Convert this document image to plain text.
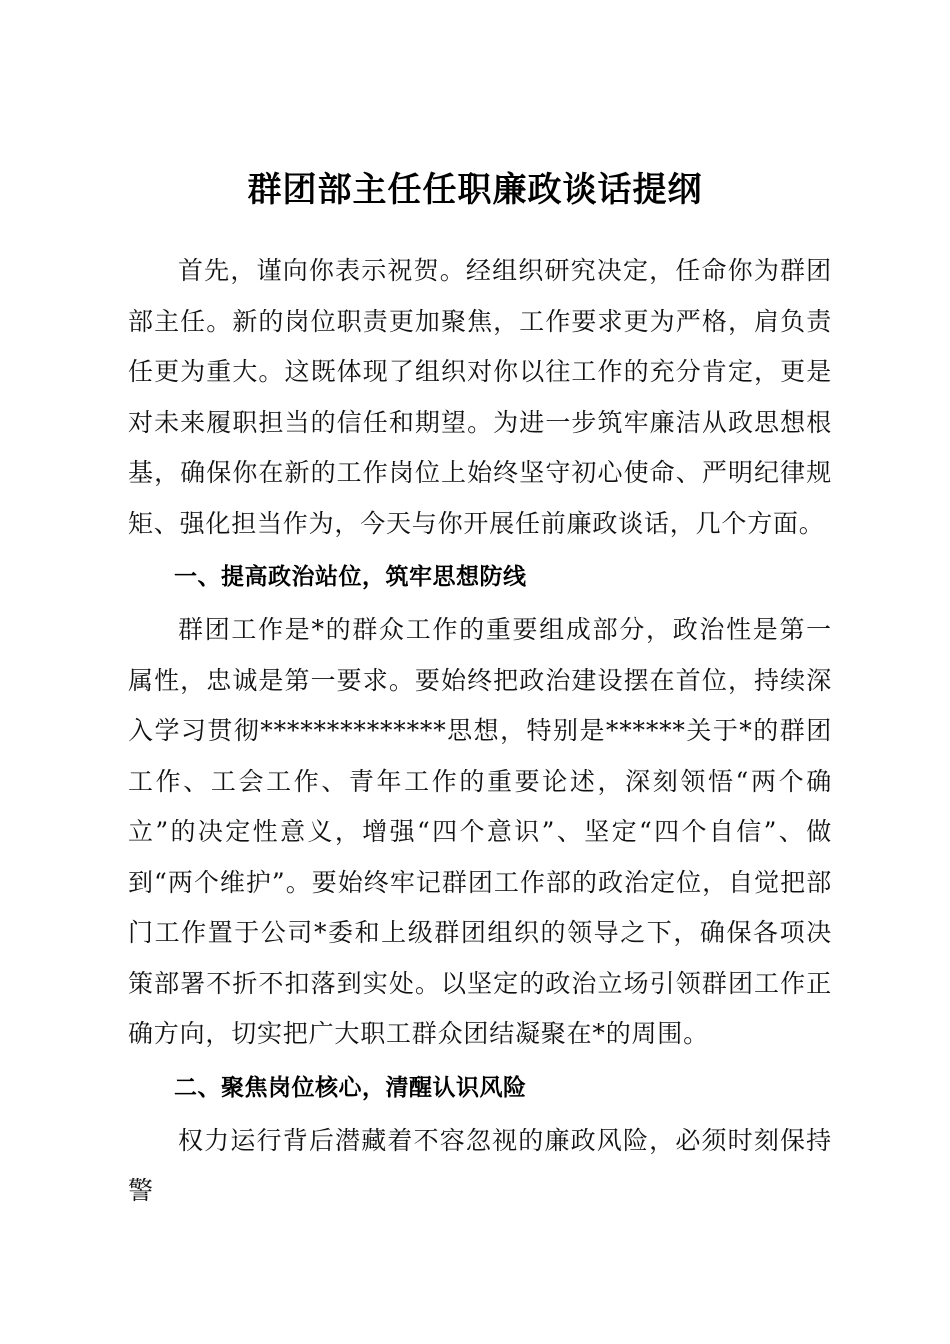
群团部主任任职廉政谈话提纲

首先，谨向你表示祝贺。经组织研究决定，任命你为群团部主任。新的岗位职责更加聚焦，工作要求更为严格，肩负责任更为重大。这既体现了组织对你以往工作的充分肯定，更是对未来履职担当的信任和期望。为进一步筑牢廉洁从政思想根基，确保你在新的工作岗位上始终坚守初心使命、严明纪律规矩、强化担当作为，今天与你开展任前廉政谈话，几个方面。

一、提高政治站位，筑牢思想防线

群团工作是*的群众工作的重要组成部分，政治性是第一属性，忠诚是第一要求。要始终把政治建设摆在首位，持续深入学习贯彻**************思想，特别是******关于*的群团工作、工会工作、青年工作的重要论述，深刻领悟“两个确立”的决定性意义，增强“四个意识”、坚定“四个自信”、做到“两个维护”。要始终牢记群团工作部的政治定位，自觉把部门工作置于公司*委和上级群团组织的领导之下，确保各项决策部署不折不扣落到实处。以坚定的政治立场引领群团工作正确方向，切实把广大职工群众团结凝聚在*的周围。

二、聚焦岗位核心，清醒认识风险

权力运行背后潜藏着不容忽视的廉政风险，必须时刻保持警
